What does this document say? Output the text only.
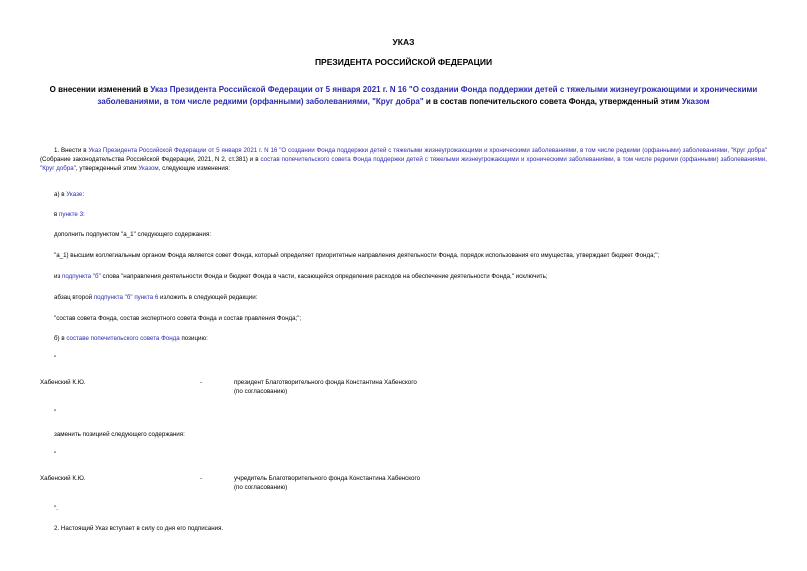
УКАЗ
ПРЕЗИДЕНТА РОССИЙСКОЙ ФЕДЕРАЦИИ
О внесении изменений в Указ Президента Российской Федерации от 5 января 2021 г. N 16 "О создании Фонда поддержки детей с тяжелыми жизнеугрожающими и хроническими заболеваниями, в том числе редкими (орфанными) заболеваниями, "Круг добра" и в состав попечительского совета Фонда, утвержденный этим Указом
1. Внести в Указ Президента Российской Федерации от 5 января 2021 г. N 16 "О создании Фонда поддержки детей с тяжелыми жизнеугрожающими и хроническими заболеваниями, в том числе редкими (орфанными) заболеваниями, "Круг добра" (Собрание законодательства Российской Федерации, 2021, N 2, ст.381) и в состав попечительского совета Фонда поддержки детей с тяжелыми жизнеугрожающими и хроническими заболеваниями, в том числе редкими (орфанными) заболеваниями, "Круг добра", утвержденный этим Указом, следующие изменения:
а) в Указе:
в пункте 3:
дополнить подпунктом "а_1" следующего содержания:
"а_1) высшим коллегиальным органом Фонда является совет Фонда, который определяет приоритетные направления деятельности Фонда, порядок использования его имущества, утверждает бюджет Фонда;";
из подпункта "б" слова "направления деятельности Фонда и бюджет Фонда в части, касающейся определения расходов на обеспечение деятельности Фонда," исключить;
абзац второй подпункта "б" пункта 6 изложить в следующей редакции:
"состав совета Фонда, состав экспертного совета Фонда и состав правления Фонда;";
б) в составе попечительского совета Фонда позицию:
"
Хабенский К.Ю.	-	президент Благотворительного фонда Константина Хабенского
(по согласованию)
"
заменить позицией следующего содержания:
"
Хабенский К.Ю.	-	учредитель Благотворительного фонда Константина Хабенского
(по согласованию)
".
2. Настоящий Указ вступает в силу со дня его подписания.
